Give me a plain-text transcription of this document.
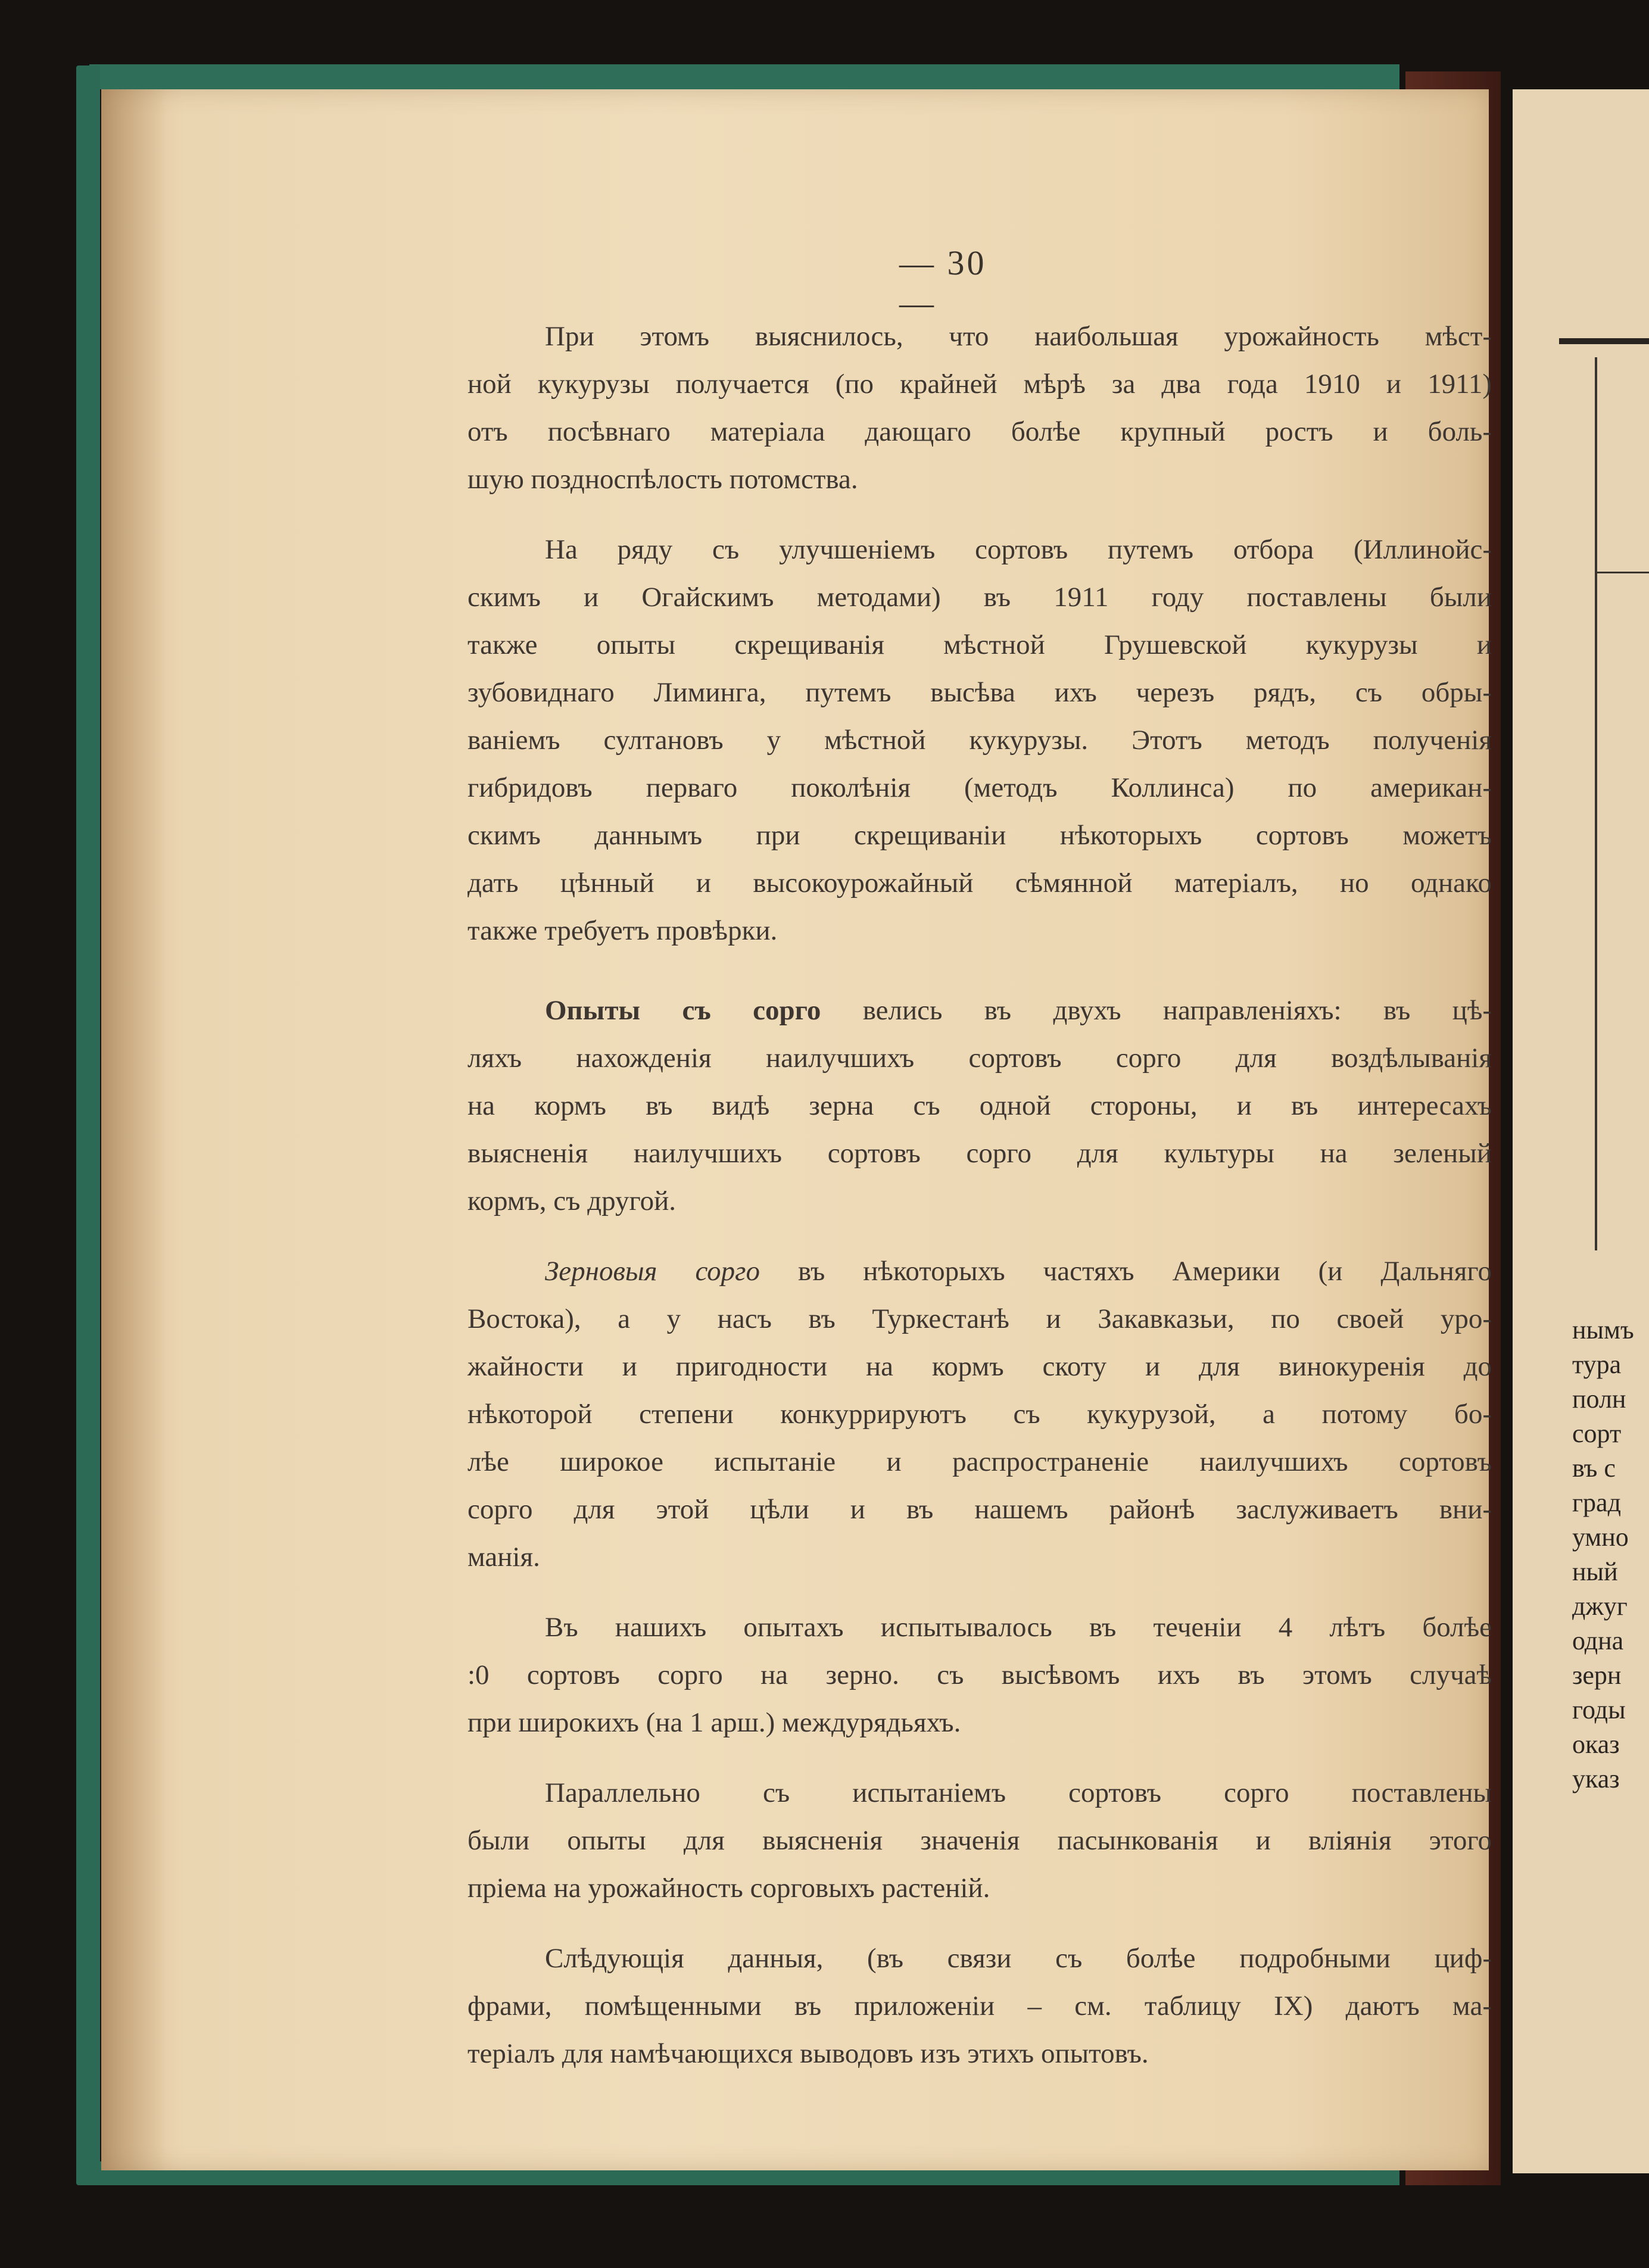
нымъ
тура
полн
сорт
въ с
град
умно
ный
джуг
одна
зерн
годы
оказ
указ
— 30 —
При этомъ выяснилось, что наибольшая урожайность мѣст-
ной кукурузы получается (по крайней мѣрѣ за два года 1910 и 1911)
отъ посѣвнаго матеріала дающаго болѣе крупный ростъ и боль-
шую позднοспѣлость потомства.
На ряду съ улучшеніемъ сортовъ путемъ отбора (Иллинойс-
скимъ и Огайскимъ методами) въ 1911 году поставлены были
также опыты скрещиванія мѣстной Грушевской кукурузы и
зубовиднаго Лиминга, путемъ высѣва ихъ черезъ рядъ, съ обры-
ваніемъ султановъ у мѣстной кукурузы. Этотъ методъ полученія
гибридовъ перваго поколѣнія (методъ Коллинса) по американ-
скимъ даннымъ при скрещиваніи нѣкоторыхъ сортовъ можетъ
дать цѣнный и высокоурожайный сѣмянной матеріалъ, но однако
также требуетъ провѣрки.
Опыты съ сорго велись въ двухъ направленіяхъ: въ цѣ-
ляхъ нахожденія наилучшихъ сортовъ сорго для воздѣлыванія
на кормъ въ видѣ зерна съ одной стороны, и въ интересахъ
выясненія наилучшихъ сортовъ сорго для культуры на зеленый
кормъ, съ другой.
Зерновыя сорго въ нѣкоторыхъ частяхъ Америки (и Дальняго
Востока), а у насъ въ Туркестанѣ и Закавказьи, по своей уро-
жайности и пригодности на кормъ скоту и для винокуренія до
нѣкоторой степени конкуррируютъ съ кукурузой, а потому бо-
лѣе широкое испытаніе и распространеніе наилучшихъ сортовъ
сорго для этой цѣли и въ нашемъ районѣ заслуживаетъ вни-
манія.
Въ нашихъ опытахъ испытывалось въ теченіи 4 лѣтъ болѣе
:0 сортовъ сорго на зерно. съ высѣвомъ ихъ въ этомъ случаѣ
при широкихъ (на 1 арш.) междурядьяхъ.
Параллельно съ испытаніемъ сортовъ сорго поставлены
были опыты для выясненія значенія пасынкованія и вліянія этого
пріема на урожайность сорговыхъ растеній.
Слѣдующія данныя, (въ связи съ болѣе подробными циф-
фрами, помѣщенными въ приложеніи – см. таблицу IX) даютъ ма-
теріалъ для намѣчающихся выводовъ изъ этихъ опытовъ.
